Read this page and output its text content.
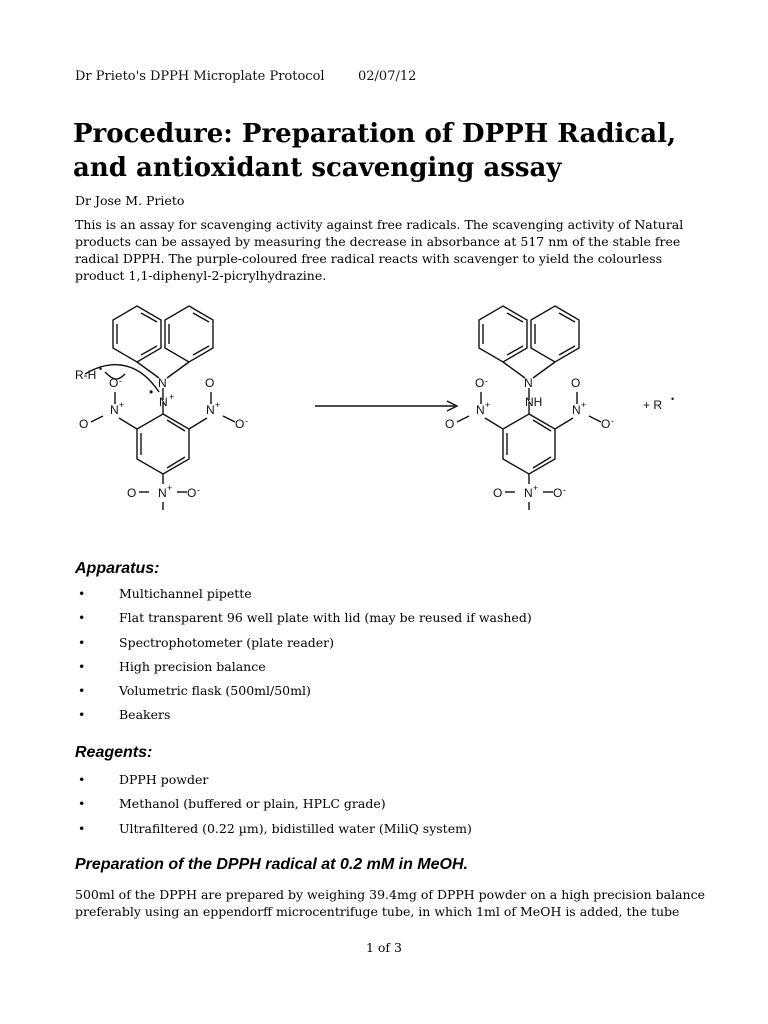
Dr Prieto's DPPH Microplate Protocol	02/07/12
Procedure: Preparation of DPPH Radical, and antioxidant scavenging assay
Dr Jose M. Prieto
This is an assay for scavenging activity against free radicals. The scavenging activity of Natural products can be assayed by measuring the decrease in absorbance at 517 nm of the stable free radical DPPH. The purple-coloured free radical reacts with scavenger to yield the colourless product 1,1-diphenyl-2-picrylhydrazine.
N
N +
•
R-H •
O -
N +
O
O
N +
O -
N +
O	O -
N
NH
O -
N +
O
O
N +
O -
N +
O	O -
+ R •
Apparatus:
•	Multichannel pipette
•	Flat transparent 96 well plate with lid (may be reused if washed)
•	Spectrophotometer (plate reader)
•	High precision balance
•	Volumetric flask (500ml/50ml)
•	Beakers
Reagents:
•	DPPH powder
•	Methanol (buffered or plain, HPLC grade)
•	Ultrafiltered (0.22 µm), bidistilled water (MiliQ system)
Preparation of the DPPH radical at 0.2 mM in MeOH.
500ml of the DPPH are prepared by weighing 39.4mg of DPPH powder on a high precision balance preferably using an eppendorff microcentrifuge tube, in which 1ml of MeOH is added, the tube
1 of 3
